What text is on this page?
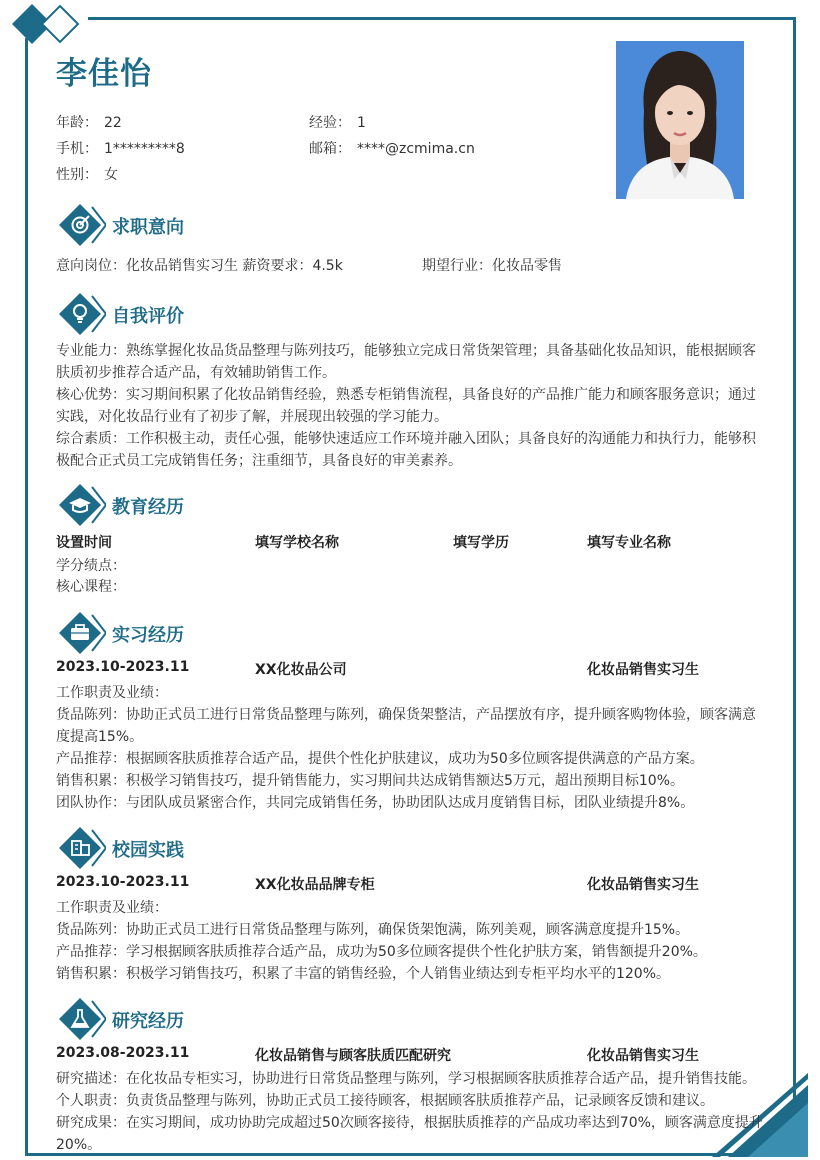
李佳怡
年龄： 22	经验： 1
手机： 1*********8	邮箱： ****@zcmima.cn
性别： 女
求职意向
意向岗位：化妆品销售实习生 薪资要求：4.5k	期望行业：化妆品零售
自我评价
专业能力：熟练掌握化妆品货品整理与陈列技巧，能够独立完成日常货架管理；具备基础化妆品知识，能根据顾客肤质初步推荐合适产品，有效辅助销售工作。
核心优势：实习期间积累了化妆品销售经验，熟悉专柜销售流程，具备良好的产品推广能力和顾客服务意识；通过实践，对化妆品行业有了初步了解，并展现出较强的学习能力。
综合素质：工作积极主动，责任心强，能够快速适应工作环境并融入团队；具备良好的沟通能力和执行力，能够积极配合正式员工完成销售任务；注重细节，具备良好的审美素养。
教育经历
设置时间	填写学校名称	填写学历	填写专业名称
学分绩点：
核心课程：
实习经历
2023.10-2023.11	XX化妆品公司	化妆品销售实习生
工作职责及业绩：
货品陈列：协助正式员工进行日常货品整理与陈列，确保货架整洁，产品摆放有序，提升顾客购物体验，顾客满意度提高15%。
产品推荐：根据顾客肤质推荐合适产品，提供个性化护肤建议，成功为50多位顾客提供满意的产品方案。
销售积累：积极学习销售技巧，提升销售能力，实习期间共达成销售额达5万元，超出预期目标10%。
团队协作：与团队成员紧密合作，共同完成销售任务，协助团队达成月度销售目标，团队业绩提升8%。
校园实践
2023.10-2023.11	XX化妆品品牌专柜	化妆品销售实习生
工作职责及业绩：
货品陈列：协助正式员工进行日常货品整理与陈列，确保货架饱满，陈列美观，顾客满意度提升15%。
产品推荐：学习根据顾客肤质推荐合适产品，成功为50多位顾客提供个性化护肤方案，销售额提升20%。
销售积累：积极学习销售技巧，积累了丰富的销售经验，个人销售业绩达到专柜平均水平的120%。
研究经历
2023.08-2023.11	化妆品销售与顾客肤质匹配研究	化妆品销售实习生
研究描述：在化妆品专柜实习，协助进行日常货品整理与陈列，学习根据顾客肤质推荐合适产品，提升销售技能。
个人职责：负责货品整理与陈列，协助正式员工接待顾客，根据顾客肤质推荐产品，记录顾客反馈和建议。
研究成果：在实习期间，成功协助完成超过50次顾客接待，根据肤质推荐的产品成功率达到70%，顾客满意度提升20%。
